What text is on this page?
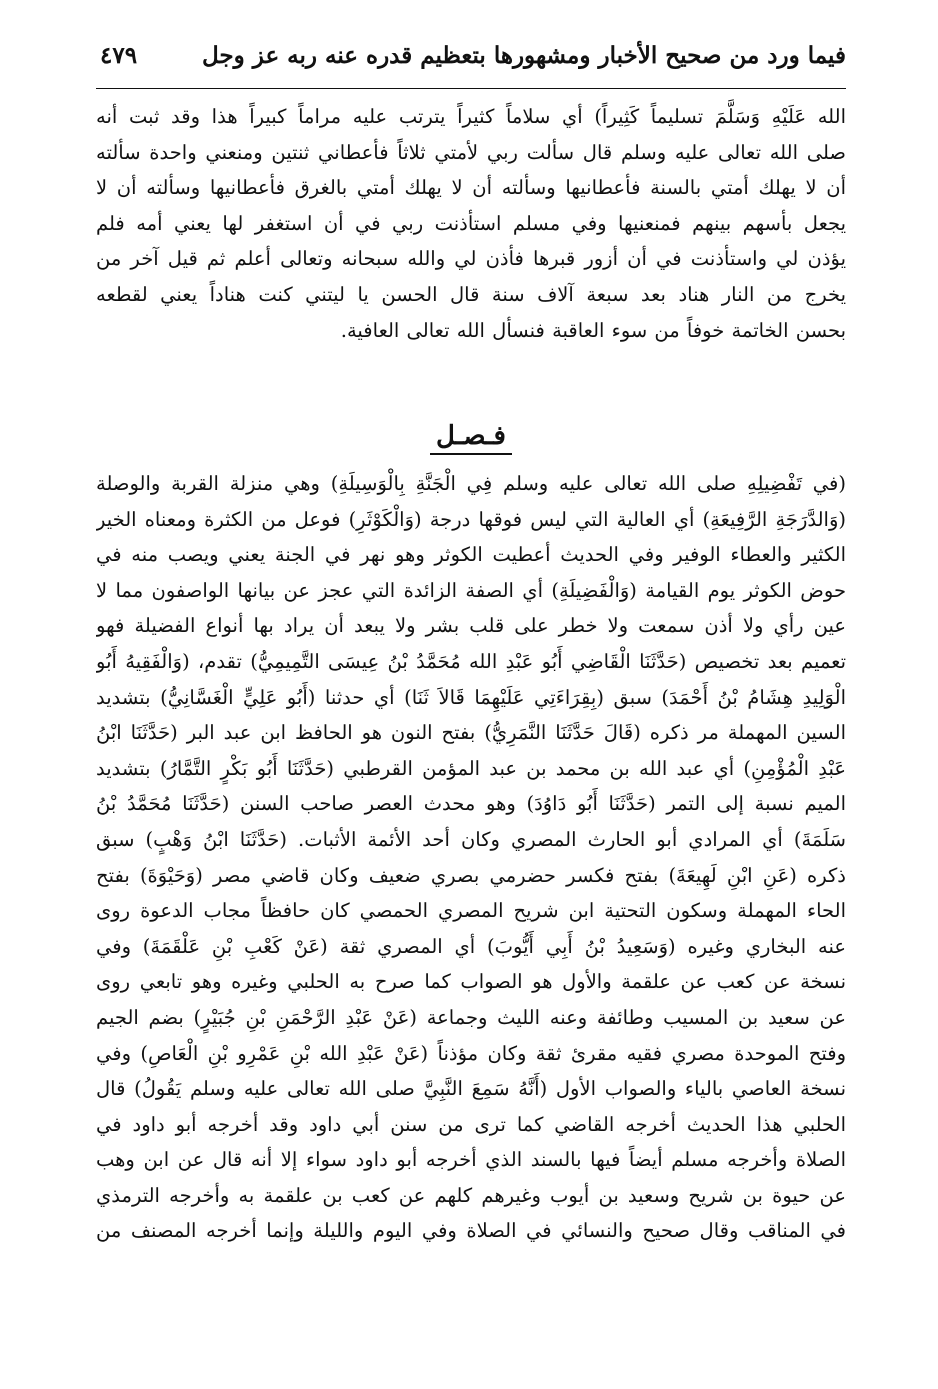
فيما ورد من صحيح الأخبار ومشهورها بتعظيم قدره عنه ربه عز وجل
٤٧٩
الله عَلَيْهِ وَسَلَّمَ تسليماً كَثِيراً) أي سلاماً كثيراً يترتب عليه مراماً كبيراً هذا وقد ثبت أنه
صلى الله تعالى عليه وسلم قال سألت ربي لأمتي ثلاثاً فأعطاني ثنتين ومنعني واحدة سألته
أن لا يهلك أمتي بالسنة فأعطانيها وسألته أن لا يهلك أمتي بالغرق فأعطانيها وسألته أن لا
يجعل بأسهم بينهم فمنعنيها وفي مسلم استأذنت ربي في أن استغفر لها يعني أمه فلم
يؤذن لي واستأذنت في أن أزور قبرها فأذن لي والله سبحانه وتعالى أعلم ثم قيل آخر من
يخرج من النار هناد بعد سبعة آلاف سنة قال الحسن يا ليتني كنت هناداً يعني لقطعه
بحسن الخاتمة خوفاً من سوء العاقبة فنسأل الله تعالى العافية.
فـصـل
(في تَفْضِيلِهِ صلى الله تعالى عليه وسلم فِي الْجَنَّةِ بِالْوَسِيلَةِ) وهي منزلة القربة والوصلة
(وَالدَّرَجَةِ الرَّفِيعَةِ) أي العالية التي ليس فوقها درجة (وَالْكَوْثَرِ) فوعل من الكثرة ومعناه الخير
الكثير والعطاء الوفير وفي الحديث أعطيت الكوثر وهو نهر في الجنة يعني ويصب منه في
حوض الكوثر يوم القيامة (وَالْفَضِيلَةِ) أي الصفة الزائدة التي عجز عن بيانها الواصفون مما لا
عين رأي ولا أذن سمعت ولا خطر على قلب بشر ولا يبعد أن يراد بها أنواع الفضيلة فهو
تعميم بعد تخصيص (حَدَّثَنَا الْقَاضِي أَبُو عَبْدِ الله مُحَمَّدُ بْنُ عِيسَى التَّمِيمِيُّ) تقدم، (وَالْفَقِيهُ أَبُو
الْوَلِيدِ هِشَامُ بْنُ أَحْمَدَ) سبق (بِقِرَاءَتِي عَلَيْهِمَا قَالاَ ثَنَا) أي حدثنا (أَبُو عَلِيٍّ الْغَسَّانِيُّ) بتشديد
السين المهملة مر ذكره (قَالَ حَدَّثَنَا النَّمَرِيُّ) بفتح النون هو الحافظ ابن عبد البر (حَدَّثَنَا ابْنُ
عَبْدِ الْمُؤْمِنِ) أي عبد الله بن محمد بن عبد المؤمن القرطبي (حَدَّثَنَا أَبُو بَكْرٍ التَّمَّارُ) بتشديد
الميم نسبة إلى التمر (حَدَّثَنَا أَبُو دَاوُدَ) وهو محدث العصر صاحب السنن (حَدَّثَنَا مُحَمَّدُ بْنُ
سَلَمَةَ) أي المرادي أبو الحارث المصري وكان أحد الأئمة الأثبات. (حَدَّثَنَا ابْنُ وَهْبٍ) سبق
ذكره (عَنِ ابْنِ لَهِيعَةَ) بفتح فكسر حضرمي بصري ضعيف وكان قاضي مصر (وَحَيْوَةَ) بفتح
الحاء المهملة وسكون التحتية ابن شريح المصري الحمصي كان حافظاً مجاب الدعوة روى
عنه البخاري وغيره (وَسَعِيدُ بْنُ أَبِي أَيُّوبَ) أي المصري ثقة (عَنْ كَعْبِ بْنِ عَلْقَمَةَ) وفي
نسخة عن كعب عن علقمة والأول هو الصواب كما صرح به الحلبي وغيره وهو تابعي روى
عن سعيد بن المسيب وطائفة وعنه الليث وجماعة (عَنْ عَبْدِ الرَّحْمَنِ بْنِ جُبَيْرٍ) بضم الجيم
وفتح الموحدة مصري فقيه مقرئ ثقة وكان مؤذناً (عَنْ عَبْدِ الله بْنِ عَمْرِو بْنِ الْعَاصِ) وفي
نسخة العاصي بالياء والصواب الأول (أَنَّهُ سَمِعَ النَّبِيَّ صلى الله تعالى عليه وسلم يَقُولُ) قال
الحلبي هذا الحديث أخرجه القاضي كما ترى من سنن أبي داود وقد أخرجه أبو داود في
الصلاة وأخرجه مسلم أيضاً فيها بالسند الذي أخرجه أبو داود سواء إلا أنه قال عن ابن وهب
عن حيوة بن شريح وسعيد بن أيوب وغيرهم كلهم عن كعب بن علقمة به وأخرجه الترمذي
في المناقب وقال صحيح والنسائي في الصلاة وفي اليوم والليلة وإنما أخرجه المصنف من
